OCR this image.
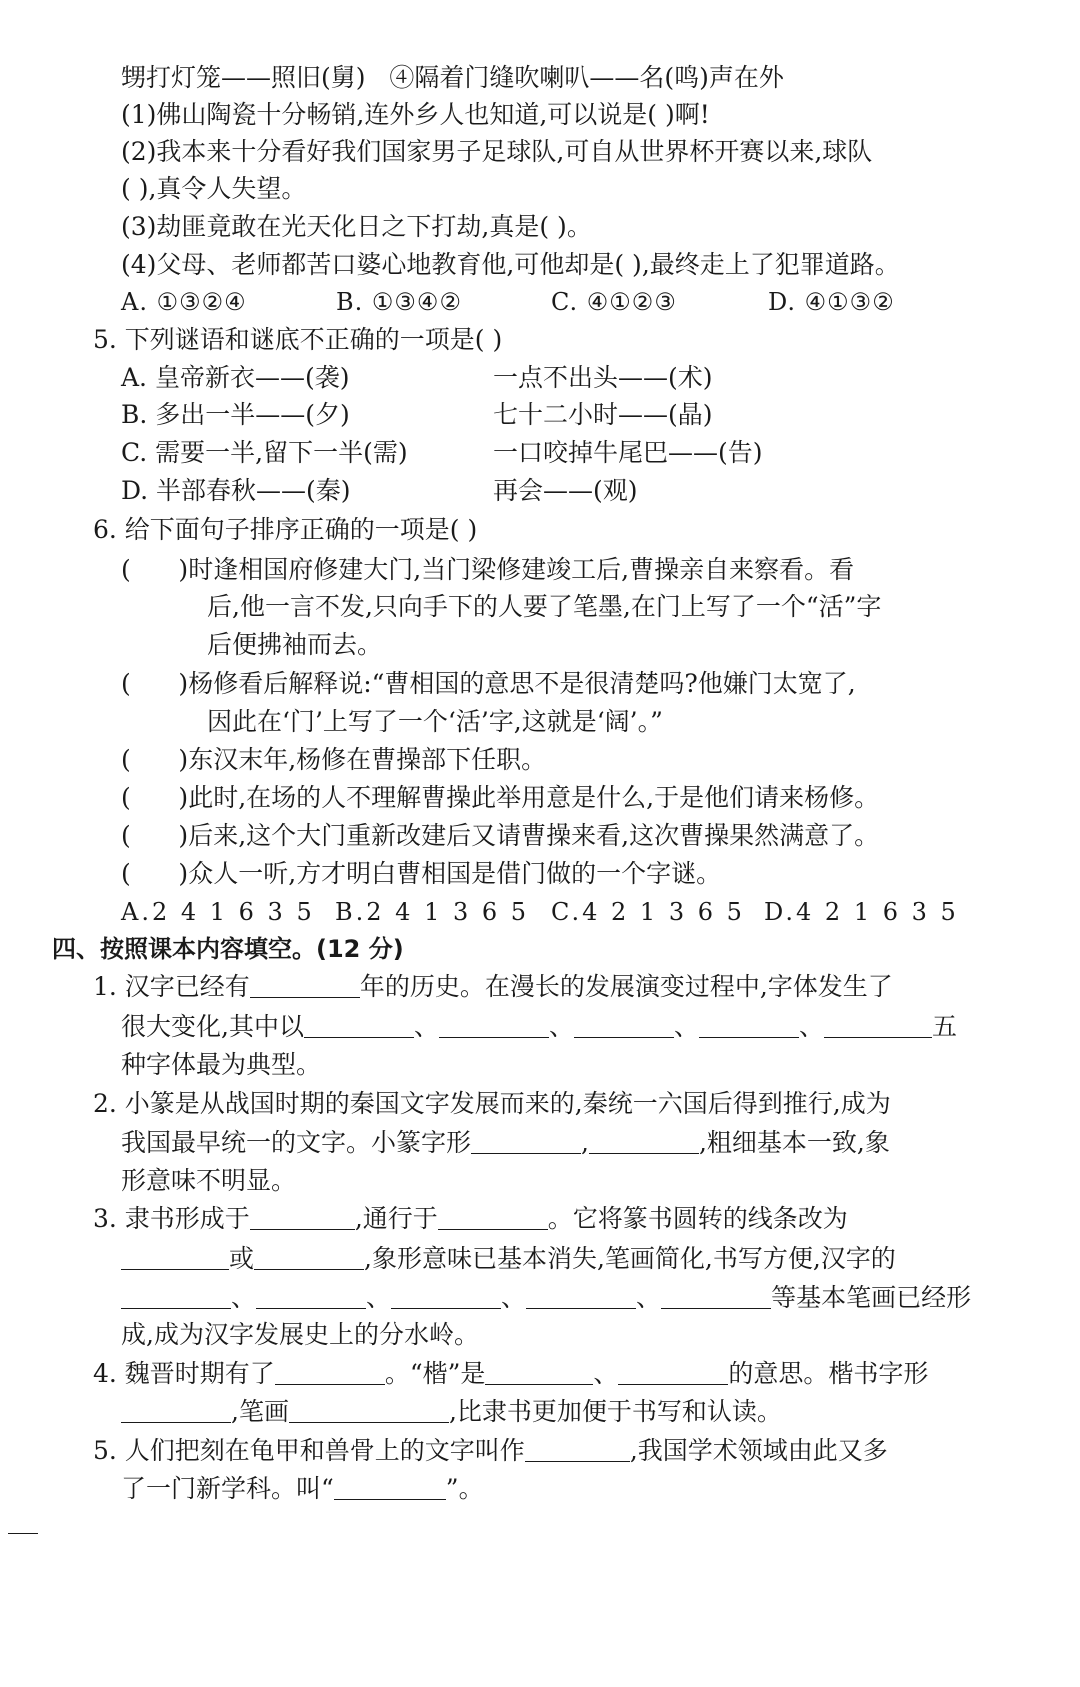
甥打灯笼——照旧(舅) ④隔着门缝吹喇叭——名(鸣)声在外
(1)佛山陶瓷十分畅销,连外乡人也知道,可以说是( )啊!
(2)我本来十分看好我们国家男子足球队,可自从世界杯开赛以来,球队
( ),真令人失望。
(3)劫匪竟敢在光天化日之下打劫,真是( )。
(4)父母、老师都苦口婆心地教育他,可他却是( ),最终走上了犯罪道路。
A. ①③②④	B. ①③④②	C. ④①②③	D. ④①③②
5. 下列谜语和谜底不正确的一项是( )
A. 皇帝新衣——(袭)	一点不出头——(术)
B. 多出一半——(夕)	七十二小时——(晶)
C. 需要一半,留下一半(需)	一口咬掉牛尾巴——(告)
D. 半部春秋——(秦)	再会——(观)
6. 给下面句子排序正确的一项是( )
(      )时逢相国府修建大门,当门梁修建竣工后,曹操亲自来察看。看
后,他一言不发,只向手下的人要了笔墨,在门上写了一个“活”字
后便拂袖而去。
(      )杨修看后解释说:“曹相国的意思不是很清楚吗?他嫌门太宽了,
因此在‘门’上写了一个‘活’字,这就是‘阔’。”
(      )东汉末年,杨修在曹操部下任职。
(      )此时,在场的人不理解曹操此举用意是什么,于是他们请来杨修。
(      )后来,这个大门重新改建后又请曹操来看,这次曹操果然满意了。
(      )众人一听,方才明白曹相国是借门做的一个字谜。
A.2 4 1 6 3 5 B.2 4 1 3 6 5 C.4 2 1 3 6 5 D.4 2 1 6 3 5
四、按照课本内容填空。(12 分)
1. 汉字已经有	年的历史。在漫长的发展演变过程中,字体发生了
很大变化,其中以	、	、	、	、	五
种字体最为典型。
2. 小篆是从战国时期的秦国文字发展而来的,秦统一六国后得到推行,成为
我国最早统一的文字。小篆字形	,	,粗细基本一致,象
形意味不明显。
3. 隶书形成于	,通行于	。它将篆书圆转的线条改为
或	,象形意味已基本消失,笔画简化,书写方便,汉字的
、	、	、	、	等基本笔画已经形
成,成为汉字发展史上的分水岭。
4. 魏晋时期有了	。“楷”是	、	的意思。楷书字形
,笔画	,比隶书更加便于书写和认读。
5. 人们把刻在龟甲和兽骨上的文字叫作	,我国学术领域由此又多
了一门新学科。叫“	”。
